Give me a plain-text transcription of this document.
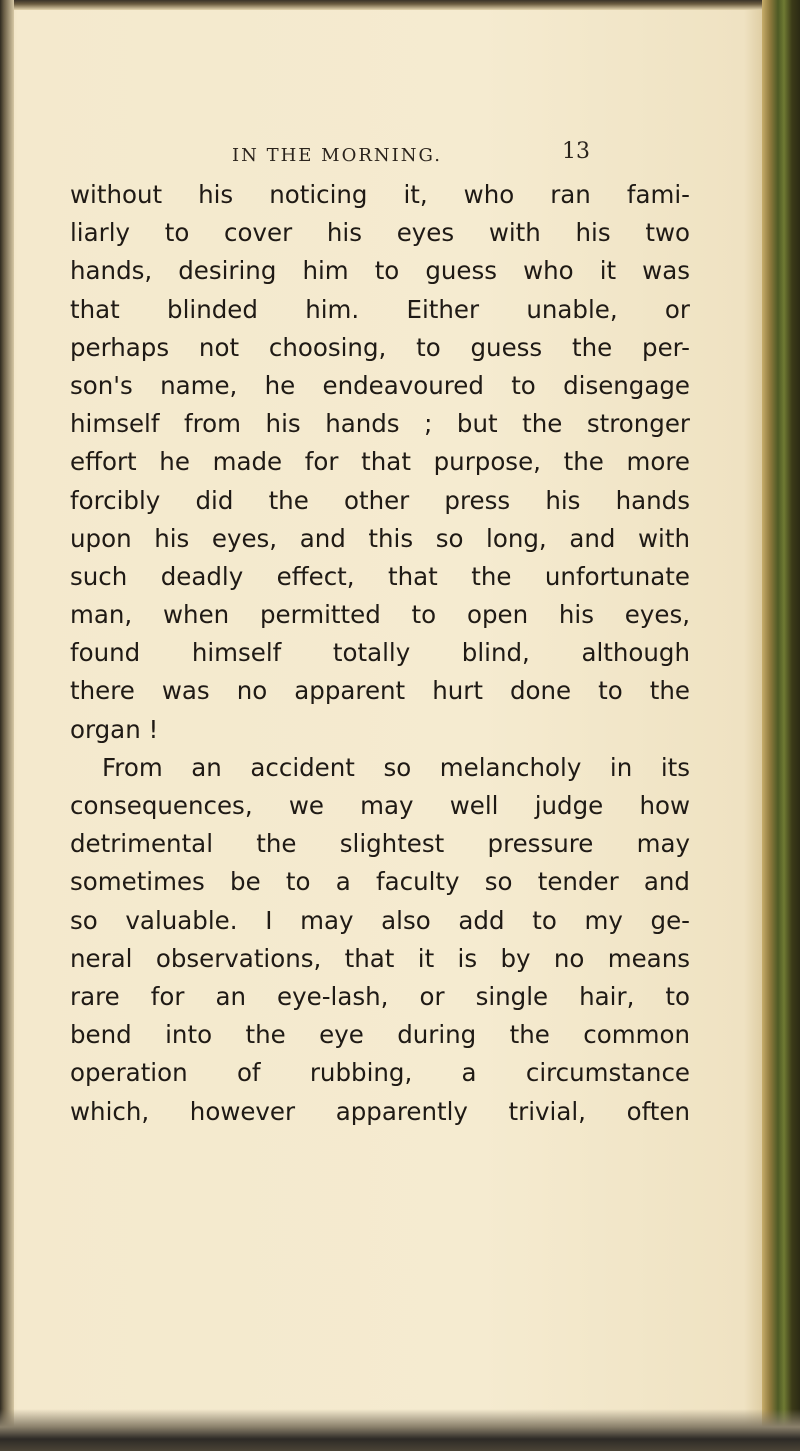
IN THE MORNING.	13
without his noticing it, who ran fami-
liarly to cover his eyes with his two
hands, desiring him to guess who it was
that blinded him. Either unable, or
perhaps not choosing, to guess the per-
son's name, he endeavoured to disengage
himself from his hands ; but the stronger
effort he made for that purpose, the more
forcibly did the other press his hands
upon his eyes, and this so long, and with
such deadly effect, that the unfortunate
man, when permitted to open his eyes,
found himself totally blind, although
there was no apparent hurt done to the
organ !
From an accident so melancholy in its
consequences, we may well judge how
detrimental the slightest pressure may
sometimes be to a faculty so tender and
so valuable. I may also add to my ge-
neral observations, that it is by no means
rare for an eye-lash, or single hair, to
bend into the eye during the common
operation of rubbing, a circumstance
which, however apparently trivial, often
